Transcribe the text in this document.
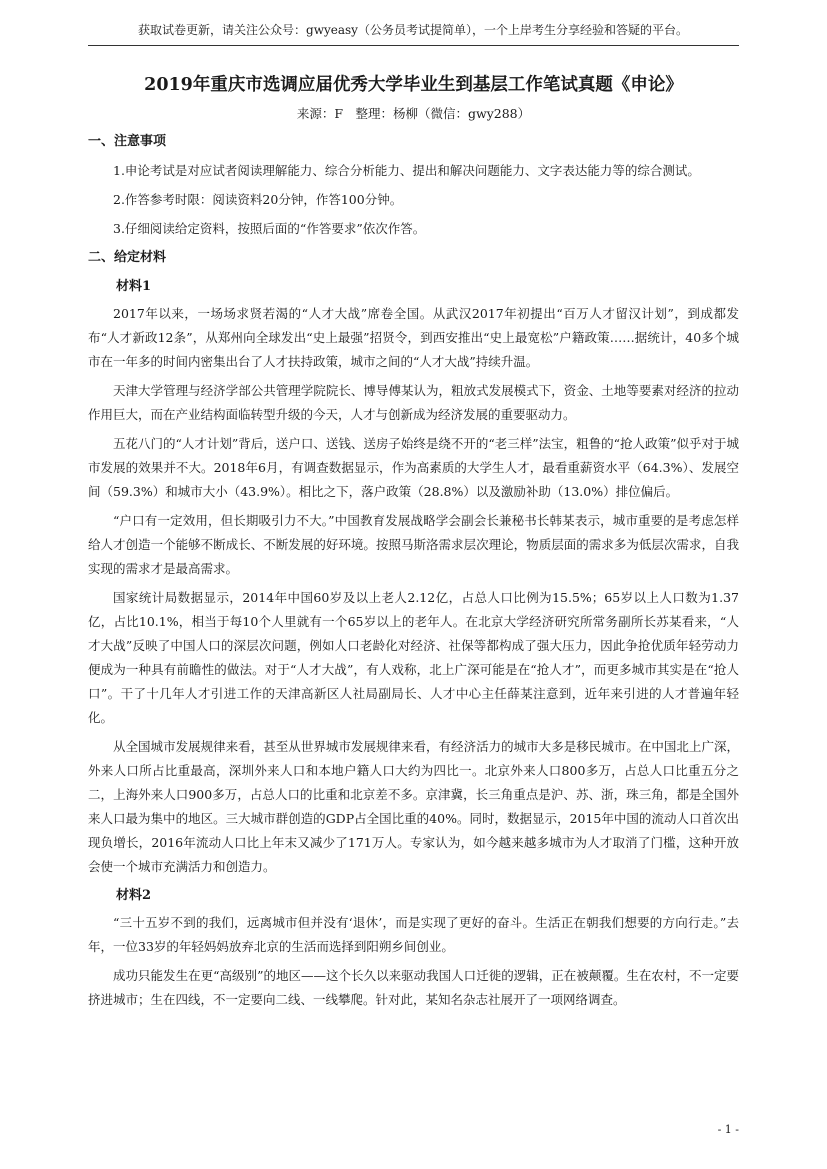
获取试卷更新，请关注公众号：gwyeasy（公务员考试提简单），一个上岸考生分享经验和答疑的平台。
2019年重庆市选调应届优秀大学毕业生到基层工作笔试真题《申论》
来源：F　整理：杨柳（微信：gwy288）
一、注意事项

1.申论考试是对应试者阅读理解能力、综合分析能力、提出和解决问题能力、文字表达能力等的综合测试。

2.作答参考时限：阅读资料20分钟，作答100分钟。

3.仔细阅读给定资料，按照后面的“作答要求”依次作答。

二、给定材料
材料1

2017年以来，一场场求贤若渴的“人才大战”席卷全国。从武汉2017年初提出“百万人才留汉计划”，到成都发布“人才新政12条”，从郑州向全球发出“史上最强”招贤令，到西安推出“史上最宽松”户籍政策……据统计，40多个城市在一年多的时间内密集出台了人才扶持政策，城市之间的“人才大战”持续升温。

天津大学管理与经济学部公共管理学院院长、博导傅某认为，粗放式发展模式下，资金、土地等要素对经济的拉动作用巨大，而在产业结构面临转型升级的今天，人才与创新成为经济发展的重要驱动力。

五花八门的“人才计划”背后，送户口、送钱、送房子始终是绕不开的“老三样”法宝，粗鲁的“抢人政策”似乎对于城市发展的效果并不大。2018年6月，有调查数据显示，作为高素质的大学生人才，最看重薪资水平（64.3%）、发展空间（59.3%）和城市大小（43.9%）。相比之下，落户政策（28.8%）以及激励补助（13.0%）排位偏后。

“户口有一定效用，但长期吸引力不大。”中国教育发展战略学会副会长兼秘书长韩某表示，城市重要的是考虑怎样给人才创造一个能够不断成长、不断发展的好环境。按照马斯洛需求层次理论，物质层面的需求多为低层次需求，自我实现的需求才是最高需求。

国家统计局数据显示，2014年中国60岁及以上老人2.12亿，占总人口比例为15.5%；65岁以上人口数为1.37亿，占比10.1%，相当于每10个人里就有一个65岁以上的老年人。在北京大学经济研究所常务副所长苏某看来，“人才大战”反映了中国人口的深层次问题，例如人口老龄化对经济、社保等都构成了强大压力，因此争抢优质年轻劳动力便成为一种具有前瞻性的做法。对于“人才大战”，有人戏称，北上广深可能是在“抢人才”，而更多城市其实是在“抢人口”。干了十几年人才引进工作的天津高新区人社局副局长、人才中心主任薛某注意到，近年来引进的人才普遍年轻化。

从全国城市发展规律来看，甚至从世界城市发展规律来看，有经济活力的城市大多是移民城市。在中国北上广深，外来人口所占比重最高，深圳外来人口和本地户籍人口大约为四比一。北京外来人口800多万，占总人口比重五分之二，上海外来人口900多万，占总人口的比重和北京差不多。京津冀，长三角重点是沪、苏、浙，珠三角，都是全国外来人口最为集中的地区。三大城市群创造的GDP占全国比重的40%。同时，数据显示，2015年中国的流动人口首次出现负增长，2016年流动人口比上年末又减少了171万人。专家认为，如今越来越多城市为人才取消了门槛，这种开放会使一个城市充满活力和创造力。

材料2

“三十五岁不到的我们，远离城市但并没有‘退休’，而是实现了更好的奋斗。生活正在朝我们想要的方向行走。”去年，一位33岁的年轻妈妈放弃北京的生活而选择到阳朔乡间创业。

成功只能发生在更“高级别”的地区——这个长久以来驱动我国人口迁徙的逻辑，正在被颠覆。生在农村，不一定要挤进城市；生在四线，不一定要向二线、一线攀爬。针对此，某知名杂志社展开了一项网络调查。

- 1 -
